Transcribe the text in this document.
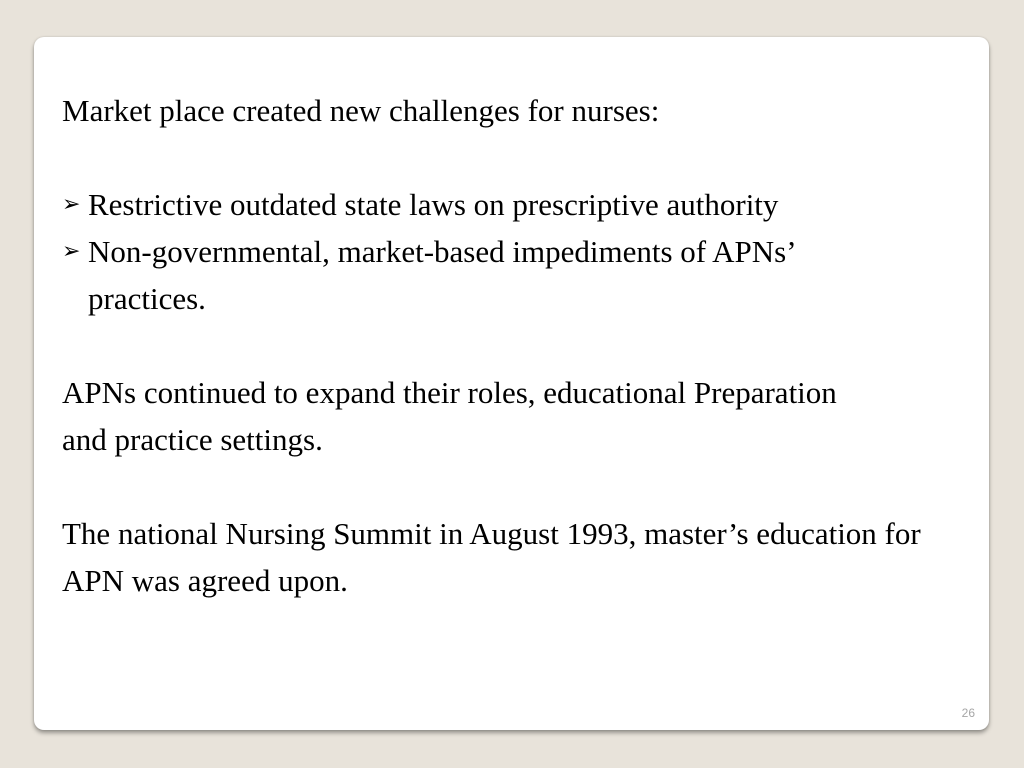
Market place created new challenges for nurses:

➢ Restrictive outdated state laws on prescriptive authority
➢ Non-governmental, market-based impediments of APNs’ practices.

APNs continued to expand their roles, educational Preparation and practice settings.

The national Nursing Summit in August 1993, master’s education for APN was agreed upon.

26
